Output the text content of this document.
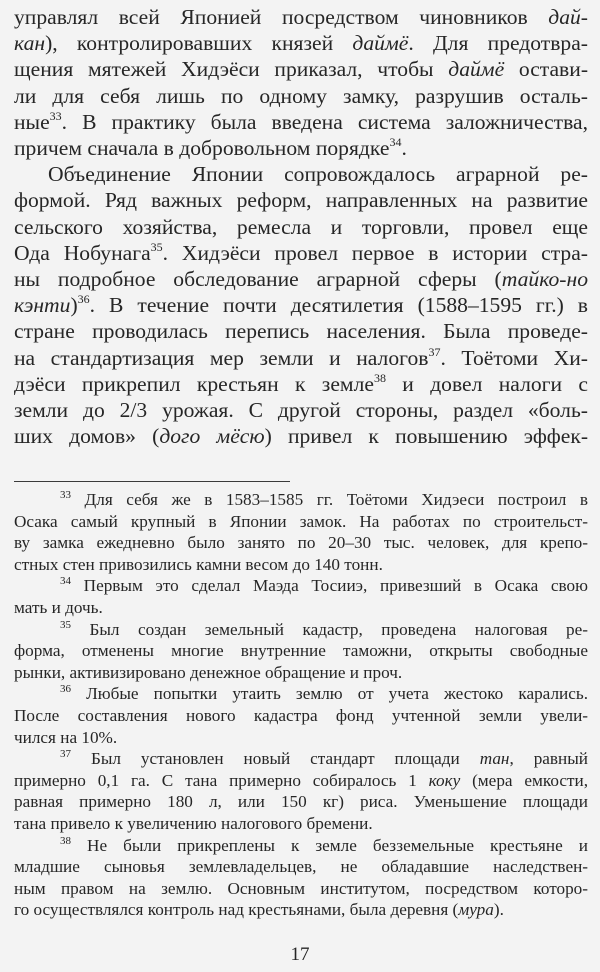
управлял всей Японией посредством чиновников дай-
кан), контролировавших князей даймё. Для предотвра-
щения мятежей Хидэёси приказал, чтобы даймё остави-
ли для себя лишь по одному замку, разрушив осталь-
ные$^{33}$. В практику была введена система заложничества,
причем сначала в добровольном порядке$^{34}$.
Объединение Японии сопровождалось аграрной ре-
формой. Ряд важных реформ, направленных на развитие
сельского хозяйства, ремесла и торговли, провел еще
Ода Нобунага$^{35}$. Хидэёси провел первое в истории стра-
ны подробное обследование аграрной сферы (тайко-но
кэнти)$^{36}$. В течение почти десятилетия (1588–1595 гг.) в
стране проводилась перепись населения. Была проведе-
на стандартизация мер земли и налогов$^{37}$. Тоётоми Хи-
дэёси прикрепил крестьян к земле$^{38}$ и довел налоги с
земли до 2/3 урожая. С другой стороны, раздел «боль-
ших домов» (дого мёсю) привел к повышению эффек-
$^{33}$ Для себя же в 1583–1585 гг. Тоётоми Хидэеси построил в
Осака самый крупный в Японии замок. На работах по строительст-
ву замка ежедневно было занято по 20–30 тыс. человек, для крепо-
стных стен привозились камни весом до 140 тонн.
$^{34}$ Первым это сделал Маэда Тосииэ, привезший в Осака свою
мать и дочь.
$^{35}$ Был создан земельный кадастр, проведена налоговая ре-
форма, отменены многие внутренние таможни, открыты свободные
рынки, активизировано денежное обращение и проч.
$^{36}$ Любые попытки утаить землю от учета жестоко карались.
После составления нового кадастра фонд учтенной земли увели-
чился на 10%.
$^{37}$ Был установлен новый стандарт площади тан, равный
примерно 0,1 га. С тана примерно собиралось 1 коку (мера емкости,
равная примерно 180 л, или 150 кг) риса. Уменьшение площади
тана привело к увеличению налогового бремени.
$^{38}$ Не были прикреплены к земле безземельные крестьяне и
младшие сыновья землевладельцев, не обладавшие наследствен-
ным правом на землю. Основным институтом, посредством которо-
го осуществлялся контроль над крестьянами, была деревня (мура).
17
